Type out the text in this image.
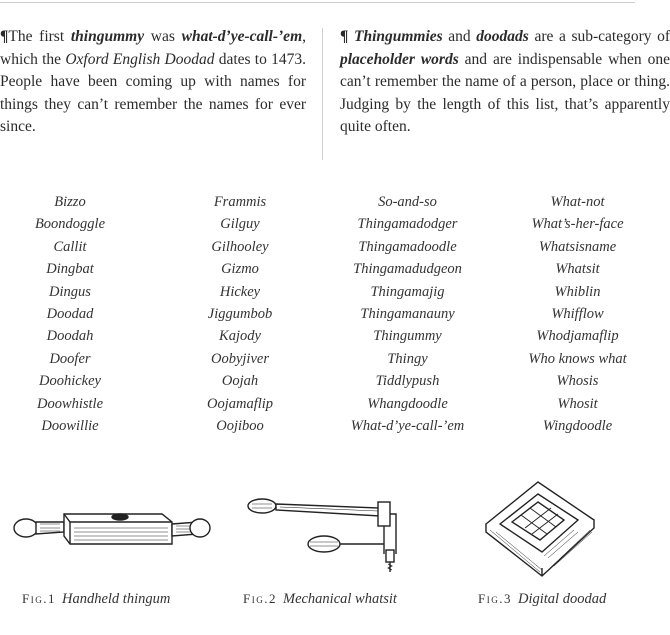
¶The first thingummy was what-d’ye-call-’em, which the Oxford English Doodad dates to 1473. People have been coming up with names for things they can’t remember the names for ever since.
¶ Thingummies and doodads are a sub-category of placeholder words and are indispensable when one can’t remember the name of a person, place or thing. Judging by the length of this list, that’s apparently quite often.
Bizzo
Boondoggle
Callit
Dingbat
Dingus
Doodad
Doodah
Doofer
Doohickey
Doowhistle
Doowillie
Frammis
Gilguy
Gilhooley
Gizmo
Hickey
Jiggumbob
Kajody
Oobyjiver
Oojah
Oojamaflip
Oojiboo
So-and-so
Thingamadodger
Thingamadoodle
Thingamadudgeon
Thingamajig
Thingamanauny
Thingummy
Thingy
Tiddlypush
Whangdoodle
What-d’ye-call-’em
What-not
What’s-her-face
Whatsisname
Whatsit
Whiblin
Whifflow
Whodjamaflip
Who knows what
Whosis
Whosit
Wingdoodle
Fig.1 Handheld thingum	Fig.2 Mechanical whatsit	Fig.3 Digital doodad
